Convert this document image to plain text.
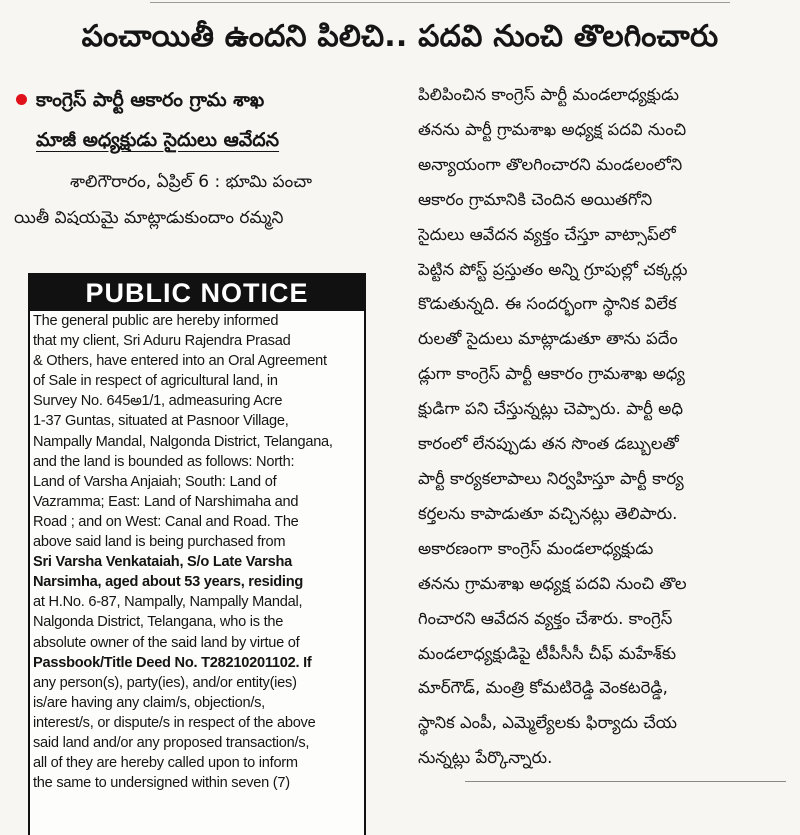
పంచాయితీ ఉందని పిలిచి.. పదవి నుంచి తొలగించారు
కాంగ్రెస్ పార్టీ ఆకారం గ్రామ శాఖ
మాజీ అధ్యక్షుడు సైదులు ఆవేదన
శాలిగౌరారం, ఏప్రిల్ 6 : భూమి పంచా
యితీ విషయమై మాట్లాడుకుందాం రమ్మని
PUBLIC NOTICE
The general public are hereby informed
that my client, Sri Aduru Rajendra Prasad
& Others, have entered into an Oral Agreement
of Sale in respect of agricultural land, in
Survey No. 645అ1/1, admeasuring Acre
1-37 Guntas, situated at Pasnoor Village,
Nampally Mandal, Nalgonda District, Telangana,
and the land is bounded as follows: North:
Land of Varsha Anjaiah; South: Land of
Vazramma; East: Land of Narshimaha and
Road ; and on West: Canal and Road. The
above said land is being purchased from
Sri Varsha Venkataiah, S/o Late Varsha
Narsimha, aged about 53 years, residing
at H.No. 6-87, Nampally, Nampally Mandal,
Nalgonda District, Telangana, who is the
absolute owner of the said land by virtue of
Passbook/Title Deed No. T28210201102. If
any person(s), party(ies), and/or entity(ies)
is/are having any claim/s, objection/s,
interest/s, or dispute/s in respect of the above
said land and/or any proposed transaction/s,
all of they are hereby called upon to inform
the same to undersigned within seven (7)
పిలిపించిన కాంగ్రెస్ పార్టీ మండలాధ్యక్షుడు
తనను పార్టీ గ్రామశాఖ అధ్యక్ష పదవి నుంచి
అన్యాయంగా తొలగించారని మండలంలోని
ఆకారం గ్రామానికి చెందిన అయితగోని
సైదులు ఆవేదన వ్యక్తం చేస్తూ వాట్సాప్‌లో
పెట్టిన పోస్ట్ ప్రస్తుతం అన్ని గ్రూపుల్లో చక్కర్లు
కొడుతున్నది. ఈ సందర్భంగా స్థానిక విలేక
రులతో సైదులు మాట్లాడుతూ తాను పదేం
డ్లుగా కాంగ్రెస్ పార్టీ ఆకారం గ్రామశాఖ అధ్య
క్షుడిగా పని చేస్తున్నట్లు చెప్పారు. పార్టీ అధి
కారంలో లేనప్పుడు తన సొంత డబ్బులతో
పార్టీ కార్యకలాపాలు నిర్వహిస్తూ పార్టీ కార్య
కర్తలను కాపాడుతూ వచ్చినట్లు తెలిపారు.
అకారణంగా కాంగ్రెస్ మండలాధ్యక్షుడు
తనను గ్రామశాఖ అధ్యక్ష పదవి నుంచి తొల
గించారని ఆవేదన వ్యక్తం చేశారు. కాంగ్రెస్
మండలాధ్యక్షుడిపై టీపీసీసీ చీఫ్ మహేశ్‌కు
మార్‌గౌడ్, మంత్రి కోమటిరెడ్డి వెంకటరెడ్డి,
స్థానిక ఎంపీ, ఎమ్మెల్యేలకు ఫిర్యాదు చేయ
నున్నట్లు పేర్కొన్నారు.
